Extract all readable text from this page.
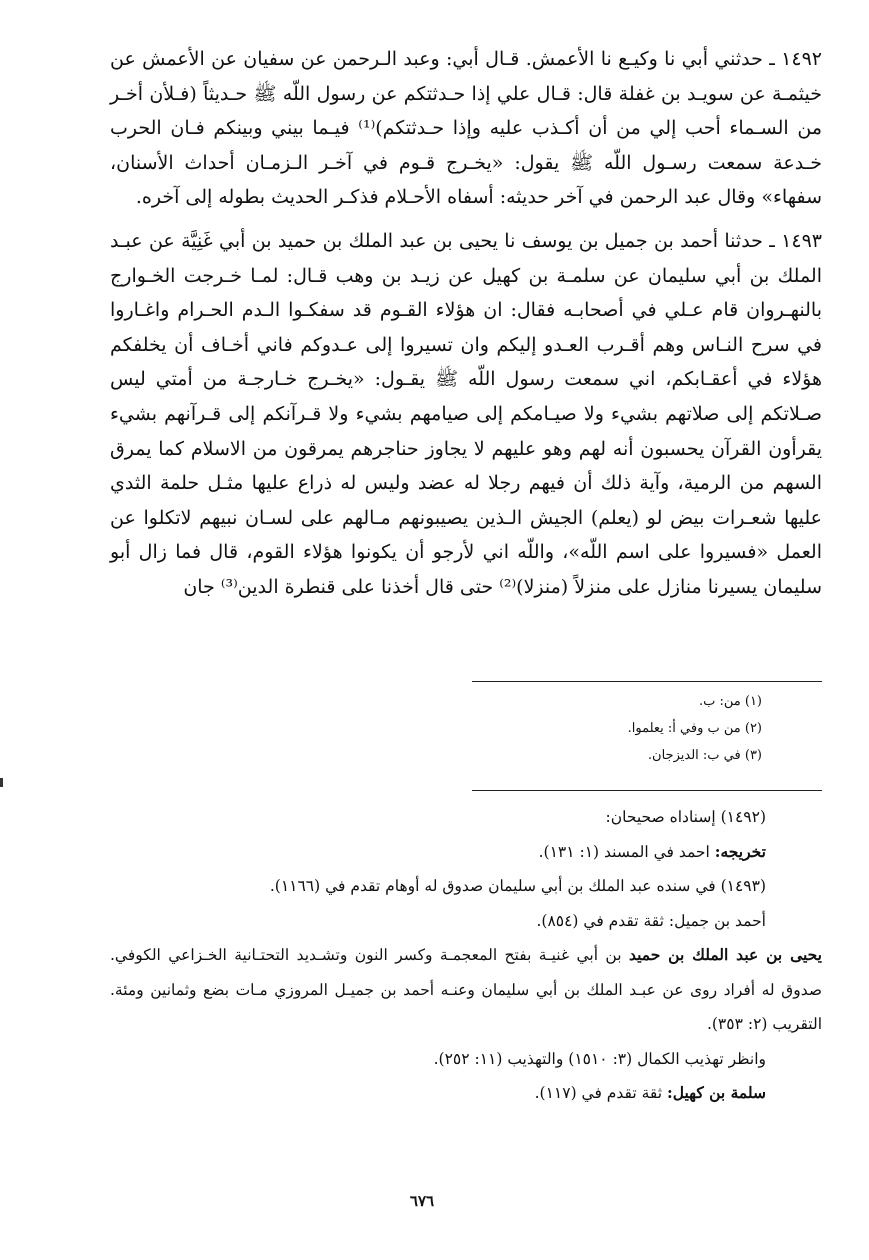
١٤٩٢ ـ حدثني أبي نا وكيـع نا الأعمش. قـال أبي: وعبد الـرحمن عن سفيان عن الأعمش عن خيثمـة عن سويـد بن غفلة قال: قـال علي إذا حـدثتكم عن رسول اللّه ﷺ حـديثاً (فـلأن أخـر من السـماء أحب إلي من أن أكـذب عليه وإذا حـدثتكم)⁽¹⁾ فيـما بيني وبينكم فـان الحرب خـدعة سمعت رسـول اللّه ﷺ يقول: «يخـرج قـوم في آخـر الـزمـان أحداث الأسنان، سفهاء» وقال عبد الرحمن في آخر حديثه: أسفاه الأحـلام فذكـر الحديث بطوله إلى آخره.

١٤٩٣ ـ حدثنا أحمد بن جميل بن يوسف نا يحيى بن عبد الملك بن حميد بن أبي غَنِيَّة عن عبـد الملك بن أبي سليمان عن سلمـة بن كهيل عن زيـد بن وهب قـال: لمـا خـرجت الخـوارج بالنهـروان قام عـلي في أصحابـه فقال: ان هؤلاء القـوم قد سفكـوا الـدم الحـرام واغـاروا في سرح النـاس وهم أقـرب العـدو إليكم وان تسيروا إلى عـدوكم فاني أخـاف أن يخلفكم هؤلاء في أعقـابكم، اني سمعت رسول اللّه ﷺ يقـول: «يخـرج خـارجـة من أمتي ليس صـلاتكم إلى صلاتهم بشيء ولا صيـامكم إلى صيامهم بشيء ولا قـرآنكم إلى قـرآنهم بشيء يقرأون القرآن يحسبون أنه لهم وهو عليهم لا يجاوز حناجرهم يمرقون من الاسلام كما يمرق السهم من الرمية، وآية ذلك أن فيهم رجلا له عضد وليس له ذراع عليها مثـل حلمة الثدي عليها شعـرات بيض لو (يعلم) الجيش الـذين يصيبونهم مـالهم على لسـان نبيهم لاتكلوا عن العمل «فسيروا على اسم اللّه»، واللّه اني لأرجو أن يكونوا هؤلاء القوم، قال فما زال أبو سليمان يسيرنا منازل على منزلاً (منزلا)⁽²⁾ حتى قال أخذنا على قنطرة الدين⁽³⁾ جان

(١) من: ب.
(٢) من ب وفي أ: يعلموا.
(٣) في ب: الديزجان.
(١٤٩٢) إسناداه صحيحان:
تخريجه: احمد في المسند (١: ١٣١).
(١٤٩٣) في سنده عبد الملك بن أبي سليمان صدوق له أوهام تقدم في (١١٦٦).
أحمد بن جميل: ثقة تقدم في (٨٥٤).
يحيى بن عبد الملك بن حميد بن أبي غنيـة بفتح المعجمـة وكسر النون وتشـديد التحتـانية الخـزاعي الكوفي. صدوق له أفراد روى عن عبـد الملك بن أبي سليمان وعنـه أحمد بن جميـل المروزي مـات بضع وثمانين ومئة. التقريب (٢: ٣٥٣).
وانظر تهذيب الكمال (٣: ١٥١٠) والتهذيب (١١: ٢٥٢).
سلمة بن كهيل: ثقة تقدم في (١١٧).
٦٧٦
